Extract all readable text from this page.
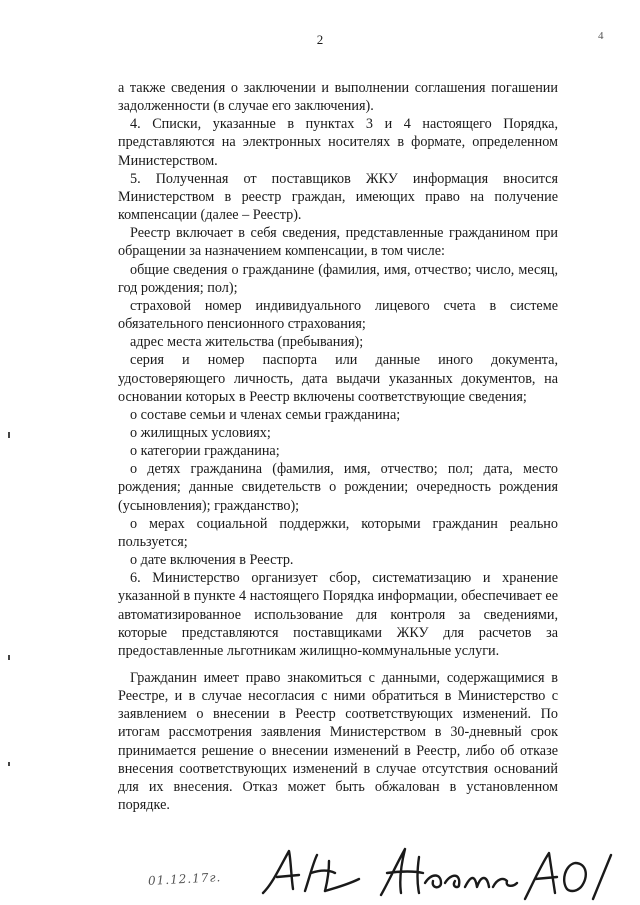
2	4

а также сведения о заключении и выполнении соглашения погашении задолженности (в случае его заключения).

4. Списки, указанные в пунктах 3 и 4 настоящего Порядка, представляются на электронных носителях в формате, определенном Министерством.

5. Полученная от поставщиков ЖКУ информация вносится Министерством в реестр граждан, имеющих право на получение компенсации (далее – Реестр).

Реестр включает в себя сведения, представленные гражданином при обращении за назначением компенсации, в том числе:

общие сведения о гражданине (фамилия, имя, отчество; число, месяц, год рождения; пол);

страховой номер индивидуального лицевого счета в системе обязательного пенсионного страхования;

адрес места жительства (пребывания);

серия и номер паспорта или данные иного документа, удостоверяющего личность, дата выдачи указанных документов, на основании которых в Реестр включены соответствующие сведения;

о составе семьи и членах семьи гражданина;

о жилищных условиях;

о категории гражданина;

о детях гражданина (фамилия, имя, отчество; пол; дата, место рождения; данные свидетельств о рождении; очередность рождения (усыновления); гражданство);

о мерах социальной поддержки, которыми гражданин реально пользуется;

о дате включения в Реестр.

6. Министерство организует сбор, систематизацию и хранение указанной в пункте 4 настоящего Порядка информации, обеспечивает ее автоматизированное использование для контроля за сведениями, которые представляются поставщиками ЖКУ для расчетов за предоставленные льготникам жилищно-коммунальные услуги.

Гражданин имеет право знакомиться с данными, содержащимися в Реестре, и в случае несогласия с ними обратиться в Министерство с заявлением о внесении в Реестр соответствующих изменений. По итогам рассмотрения заявления Министерством в 30-дневный срок принимается решение о внесении изменений в Реестр, либо об отказе внесения соответствующих изменений в случае отсутствия оснований для их внесения. Отказ может быть обжалован в установленном порядке.

01.12.17г.
